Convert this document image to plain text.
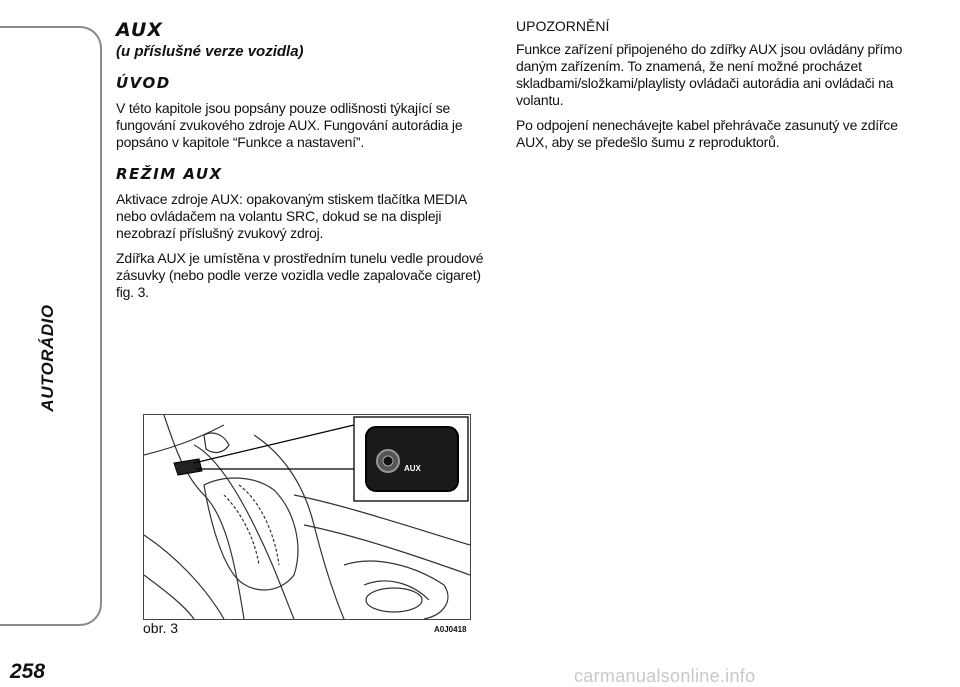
AUTORÁDIO
258
AUX
(u příslušné verze vozidla)
ÚVOD

V této kapitole jsou popsány pouze odlišnosti týkající se fungování zvukového zdroje AUX. Fungování autorádia je popsáno v kapitole “Funkce a nastavení”.

REŽIM AUX

Aktivace zdroje AUX: opakovaným stiskem tlačítka MEDIA nebo ovládačem na volantu SRC, dokud se na displeji nezobrazí příslušný zvukový zdroj.

Zdířka AUX je umístěna v prostředním tunelu vedle proudové zásuvky (nebo podle verze vozidla vedle zapalovače cigaret) fig. 3.

UPOZORNĚNÍ

Funkce zařízení připojeného do zdířky AUX jsou ovládány přímo daným zařízením. To znamená, že není možné procházet skladbami/složkami/playlisty ovládači autorádia ani ovládači na volantu.

Po odpojení nenechávejte kabel přehrávače zasunutý ve zdířce AUX, aby se předešlo šumu z reproduktorů.

AUX
obr. 3	A0J0418
carmanualsonline.info
